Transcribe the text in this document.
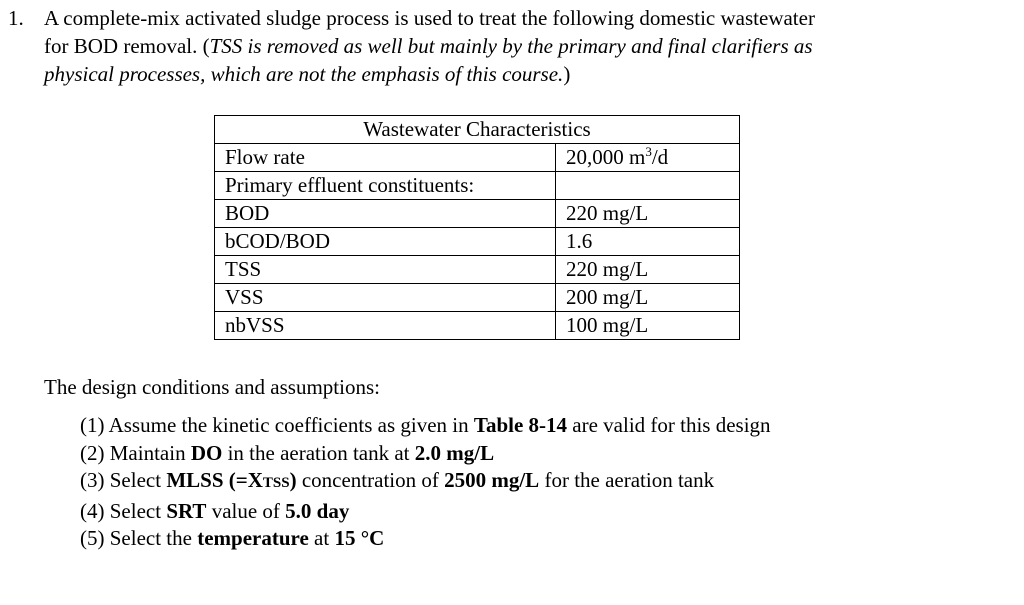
1. A complete-mix activated sludge process is used to treat the following domestic wastewater
for BOD removal. (TSS is removed as well but mainly by the primary and final clarifiers as
physical processes, which are not the emphasis of this course.)
Wastewater Characteristics	
Flow rate	20,000 $m^3/d$
Primary effluent constituents:	
BOD	220 mg/L
bCOD/BOD	1.6
TSS	220 mg/L
VSS	200 mg/L
nbVSS	100 mg/L
The design conditions and assumptions:
(1) Assume the kinetic coefficients as given in Table 8-14 are valid for this design
(2) Maintain DO in the aeration tank at 2.0 mg/L
(3) Select MLSS (=XTSS) concentration of 2500 mg/L for the aeration tank
(4) Select SRT value of 5.0 day
(5) Select the temperature at 15 °C
